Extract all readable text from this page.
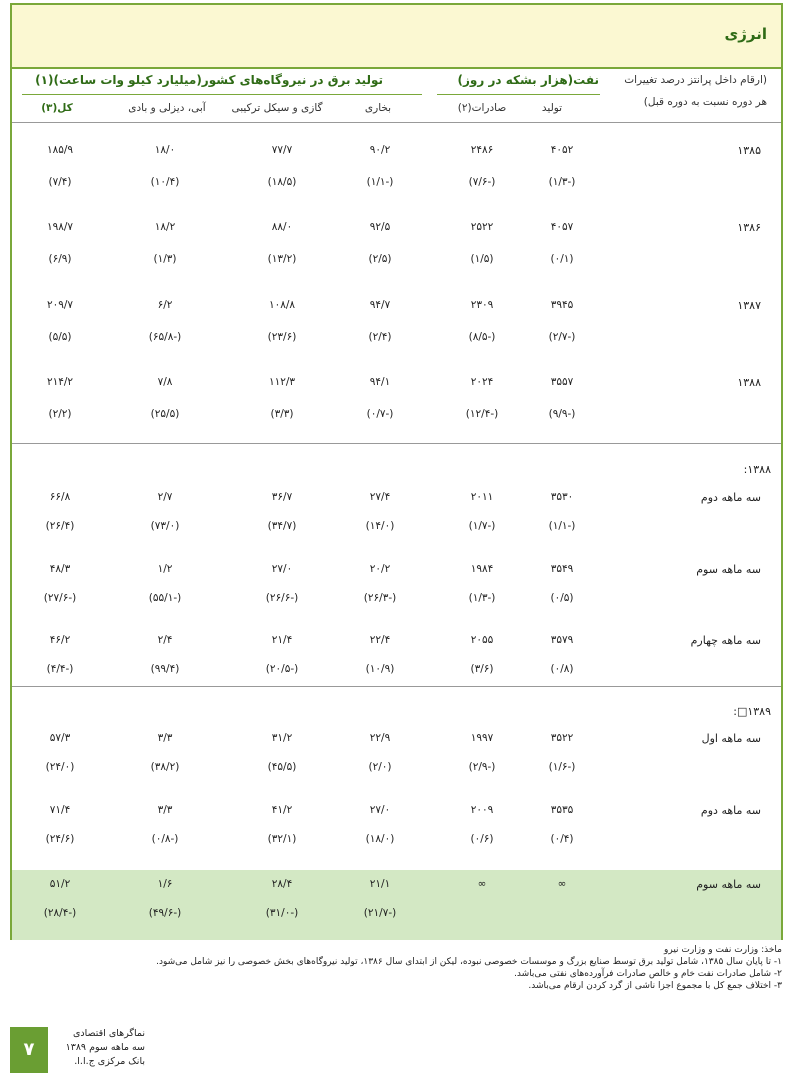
انرژی
(ارقام داخل پرانتز درصد تغییرات
هر دوره نسبت به دوره قبل)
نفت(هزار بشکه در روز)
تولید برق در نیروگاه‌های کشور(میلیارد کیلو وات ساعت)(۱)
تولید
صادرات(۲)
بخاری
گازی و سیکل ترکیبی
آبی، دیزلی و بادی
کل(۳)
۱۳۸۸:
۱۳۸۹□:
۱۳۸۵
۴۰۵۲
۲۴۸۶
۹۰/۲
۷۷/۷
۱۸/۰
۱۸۵/۹
(-۱/۳)
(-۷/۶)
(-۱/۱)
(۱۸/۵)
(۱۰/۴)
(۷/۴)
۱۳۸۶
۴۰۵۷
۲۵۲۲
۹۲/۵
۸۸/۰
۱۸/۲
۱۹۸/۷
(۰/۱)
(۱/۵)
(۲/۵)
(۱۳/۲)
(۱/۳)
(۶/۹)
۱۳۸۷
۳۹۴۵
۲۳۰۹
۹۴/۷
۱۰۸/۸
۶/۲
۲۰۹/۷
(-۲/۷)
(-۸/۵)
(۲/۴)
(۲۳/۶)
(-۶۵/۸)
(۵/۵)
۱۳۸۸
۳۵۵۷
۲۰۲۴
۹۴/۱
۱۱۲/۳
۷/۸
۲۱۴/۲
(-۹/۹)
(-۱۲/۴)
(-۰/۷)
(۳/۳)
(۲۵/۵)
(۲/۲)
سه ماهه دوم
۳۵۳۰
۲۰۱۱
۲۷/۴
۳۶/۷
۲/۷
۶۶/۸
(-۱/۱)
(-۱/۷)
(۱۴/۰)
(۳۴/۷)
(۷۳/۰)
(۲۶/۴)
سه ماهه سوم
۳۵۴۹
۱۹۸۴
۲۰/۲
۲۷/۰
۱/۲
۴۸/۳
(۰/۵)
(-۱/۳)
(-۲۶/۳)
(-۲۶/۶)
(-۵۵/۱)
(-۲۷/۶)
سه ماهه چهارم
۳۵۷۹
۲۰۵۵
۲۲/۴
۲۱/۴
۲/۴
۴۶/۲
(۰/۸)
(۳/۶)
(۱۰/۹)
(-۲۰/۵)
(۹۹/۴)
(-۴/۴)
سه ماهه اول
۳۵۲۲
۱۹۹۷
۲۲/۹
۳۱/۲
۳/۳
۵۷/۳
(-۱/۶)
(-۲/۹)
(۲/۰)
(۴۵/۵)
(۳۸/۲)
(۲۴/۰)
سه ماهه دوم
۳۵۳۵
۲۰۰۹
۲۷/۰
۴۱/۲
۳/۳
۷۱/۴
(۰/۴)
(۰/۶)
(۱۸/۰)
(۳۲/۱)
(-۰/۸)
(۲۴/۶)
سه ماهه سوم
∞
∞
۲۱/۱
۲۸/۴
۱/۶
۵۱/۲
(-۲۱/۷)
(-۳۱/۰)
(-۴۹/۶)
(-۲۸/۴)
ماخذ: وزارت نفت و وزارت نیرو
۱- تا پایان سال ۱۳۸۵، شامل تولید برق توسط صنایع بزرگ و موسسات خصوصی نبوده، لیکن از ابتدای سال ۱۳۸۶، تولید نیروگاه‌های بخش خصوصی را نیز شامل می‌شود.
۲- شامل صادرات نفت خام و خالص صادرات فرآورده‌های نفتی می‌باشد.
۳- اختلاف جمع کل با مجموع اجزا ناشی از گرد کردن ارقام می‌باشد.
۷
نماگرهای اقتصادی
سه ماهه سوم ۱۳۸۹
بانک مرکزی ج.ا.ا.
